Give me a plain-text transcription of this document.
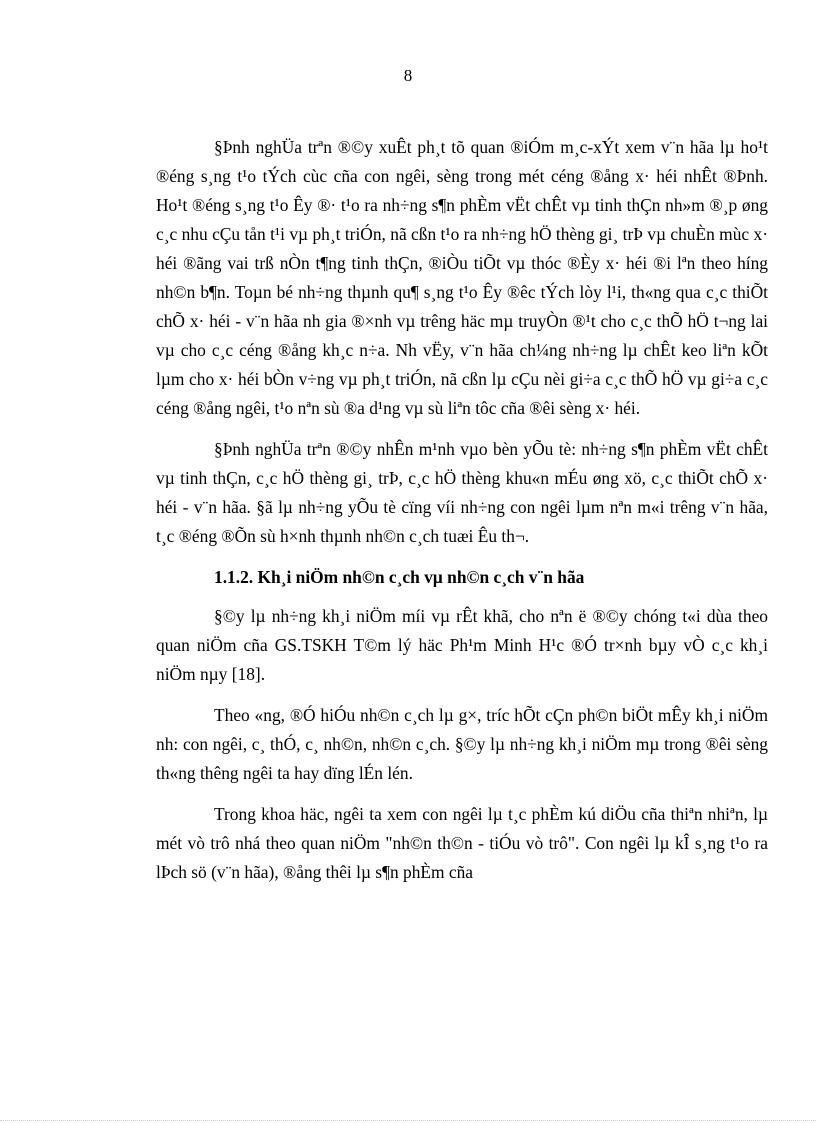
8

§Þnh nghÜa trªn ®©y xuÊt ph¸t tõ quan ®iÓm m¸c-xÝt xem v¨n hãa lµ ho¹t ®éng s¸ng t¹o tÝch cùc cña con ngêi, sèng trong mét céng ®ång x· héi nhÊt ®Þnh. Ho¹t ®éng s¸ng t¹o Êy ®· t¹o ra nh÷ng s¶n phÈm vËt chÊt vµ tinh thÇn nh»m ®¸p øng c¸c nhu cÇu tån t¹i vµ ph¸t triÓn, nã cßn t¹o ra nh÷ng hÖ thèng gi¸ trÞ vµ chuÈn mùc x· héi ®ãng vai trß nÒn t¶ng tinh thÇn, ®iÒu tiÕt vµ thóc ®Èy x· héi ®i lªn theo híng nh©n b¶n. Toµn bé nh÷ng thµnh qu¶ s¸ng t¹o Êy ®êc tÝch lòy l¹i, th«ng qua c¸c thiÕt chÕ x· héi - v¨n hãa nh gia ®×nh vµ trêng häc mµ truyÒn ®¹t cho c¸c thÕ hÖ t¬ng lai vµ cho c¸c céng ®ång kh¸c n÷a. Nh vËy, v¨n hãa ch¼ng nh÷ng lµ chÊt keo liªn kÕt lµm cho x· héi bÒn v÷ng vµ ph¸t triÓn, nã cßn lµ cÇu nèi gi÷a c¸c thÕ hÖ vµ gi÷a c¸c céng ®ång ngêi, t¹o nªn sù ®a d¹ng vµ sù liªn tôc cña ®êi sèng x· héi.

§Þnh nghÜa trªn ®©y nhÊn m¹nh vµo bèn yÕu tè: nh÷ng s¶n phÈm vËt chÊt vµ tinh thÇn, c¸c hÖ thèng gi¸ trÞ, c¸c hÖ thèng khu«n mÉu øng xö, c¸c thiÕt chÕ x· héi - v¨n hãa. §ã lµ nh÷ng yÕu tè cïng víi nh÷ng con ngêi lµm nªn m«i trêng v¨n hãa, t¸c ®éng ®Õn sù h×nh thµnh nh©n c¸ch tuæi Êu th¬.

1.1.2. Kh¸i niÖm nh©n c¸ch vµ nh©n c¸ch v¨n hãa

§©y lµ nh÷ng kh¸i niÖm míi vµ rÊt khã, cho nªn ë ®©y chóng t«i dùa theo quan niÖm cña GS.TSKH T©m lý häc Ph¹m Minh H¹c ®Ó tr×nh bµy vÒ c¸c kh¸i niÖm nµy [18].

Theo «ng, ®Ó hiÓu nh©n c¸ch lµ g×, tríc hÕt cÇn ph©n biÖt mÊy kh¸i niÖm nh: con ngêi, c¸ thÓ, c¸ nh©n, nh©n c¸ch. §©y lµ nh÷ng kh¸i niÖm mµ trong ®êi sèng th«ng thêng ngêi ta hay dïng lÉn lén.

Trong khoa häc, ngêi ta xem con ngêi lµ t¸c phÈm kú diÖu cña thiªn nhiªn, lµ mét vò trô nhá theo quan niÖm "nh©n th©n - tiÓu vò trô". Con ngêi lµ kÎ s¸ng t¹o ra lÞch sö (v¨n hãa), ®ång thêi lµ s¶n phÈm cña
